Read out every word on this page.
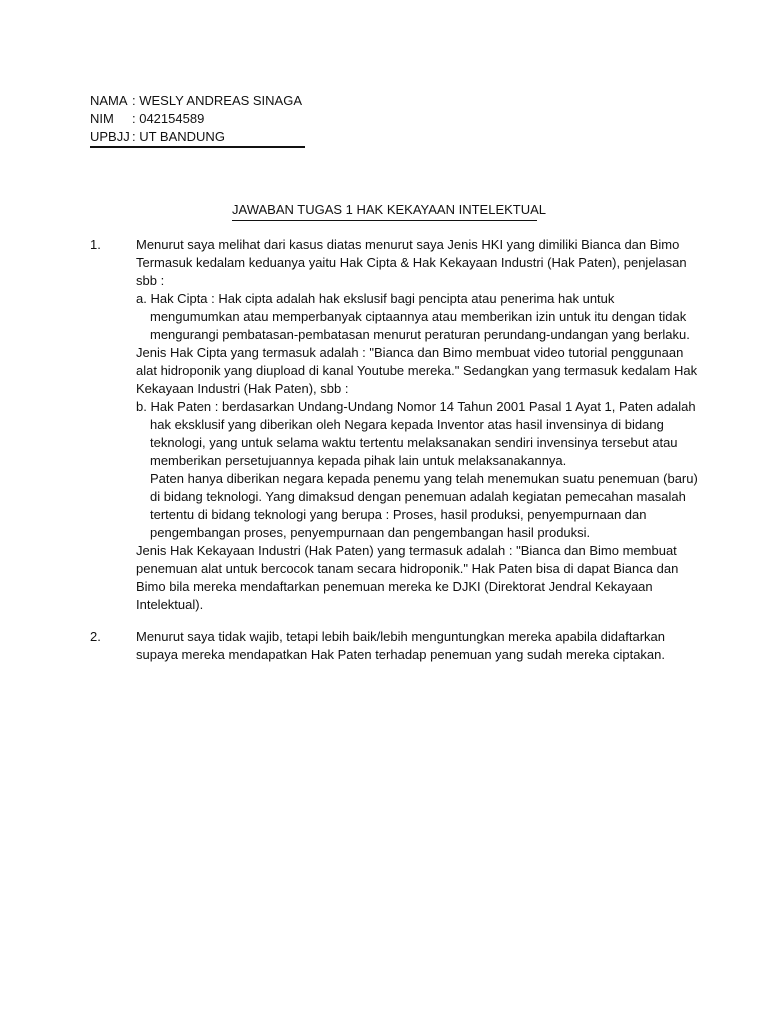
NAMA : WESLY ANDREAS SINAGA
NIM	: 042154589
UPBJJ : UT BANDUNG
JAWABAN TUGAS 1 HAK KEKAYAAN INTELEKTUAL
1.	Menurut saya melihat dari kasus diatas menurut saya Jenis HKI yang dimiliki Bianca dan Bimo
Termasuk kedalam keduanya yaitu Hak Cipta & Hak Kekayaan Industri (Hak Paten), penjelasan
sbb :
a. Hak Cipta : Hak cipta adalah hak ekslusif bagi pencipta atau penerima hak untuk
mengumumkan atau memperbanyak ciptaannya atau memberikan izin untuk itu dengan tidak
mengurangi pembatasan-pembatasan menurut peraturan perundang-undangan yang berlaku.
Jenis Hak Cipta yang termasuk adalah : "Bianca dan Bimo membuat video tutorial penggunaan
alat hidroponik yang diupload di kanal Youtube mereka." Sedangkan yang termasuk kedalam Hak
Kekayaan Industri (Hak Paten), sbb :
b. Hak Paten : berdasarkan Undang-Undang Nomor 14 Tahun 2001 Pasal 1 Ayat 1, Paten adalah
hak eksklusif yang diberikan oleh Negara kepada Inventor atas hasil invensinya di bidang
teknologi, yang untuk selama waktu tertentu melaksanakan sendiri invensinya tersebut atau
memberikan persetujuannya kepada pihak lain untuk melaksanakannya.
Paten hanya diberikan negara kepada penemu yang telah menemukan suatu penemuan (baru)
di bidang teknologi. Yang dimaksud dengan penemuan adalah kegiatan pemecahan masalah
tertentu di bidang teknologi yang berupa : Proses, hasil produksi, penyempurnaan dan
pengembangan proses, penyempurnaan dan pengembangan hasil produksi.
Jenis Hak Kekayaan Industri (Hak Paten) yang termasuk adalah : "Bianca dan Bimo membuat
penemuan alat untuk bercocok tanam secara hidroponik." Hak Paten bisa di dapat Bianca dan
Bimo bila mereka mendaftarkan penemuan mereka ke DJKI (Direktorat Jendral Kekayaan
Intelektual).
2.	Menurut saya tidak wajib, tetapi lebih baik/lebih menguntungkan mereka apabila didaftarkan
supaya mereka mendapatkan Hak Paten terhadap penemuan yang sudah mereka ciptakan.
